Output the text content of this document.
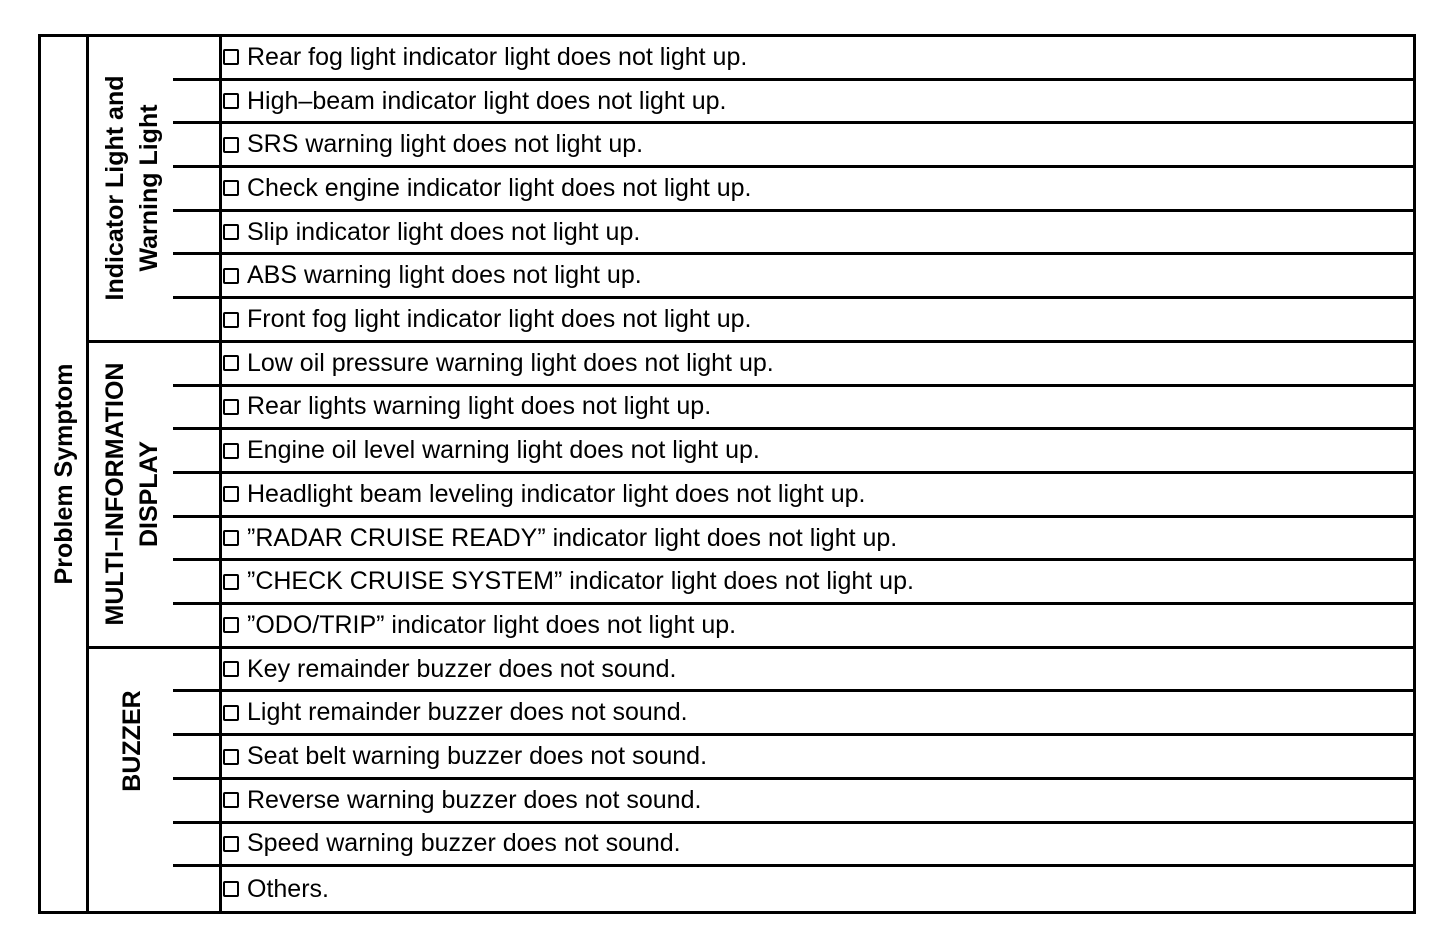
Problem Symptom
Indicator Light and Warning Light
MULTI–INFORMATION DISPLAY
BUZZER
Rear fog light indicator light does not light up.
High–beam indicator light does not light up.
SRS warning light does not light up.
Check engine indicator light does not light up.
Slip indicator light does not light up.
ABS warning light does not light up.
Front fog light indicator light does not light up.
Low oil pressure warning light does not light up.
Rear lights warning light does not light up.
Engine oil level warning light does not light up.
Headlight beam leveling indicator light does not light up.
”RADAR CRUISE READY” indicator light does not light up.
”CHECK CRUISE SYSTEM” indicator light does not light up.
”ODO/TRIP” indicator light does not light up.
Key remainder buzzer does not sound.
Light remainder buzzer does not sound.
Seat belt warning buzzer does not sound.
Reverse warning buzzer does not sound.
Speed warning buzzer does not sound.
Others.
